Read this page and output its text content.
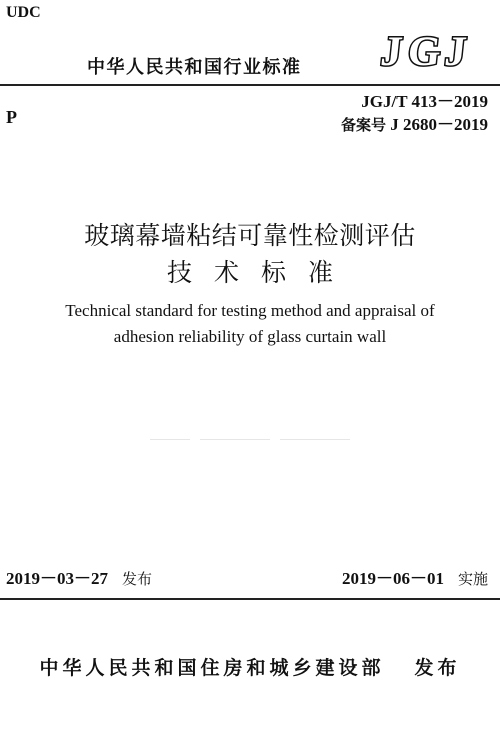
UDC
中华人民共和国行业标准 J G J
P
JGJ/T 413－2019
备案号 J 2680－2019
玻璃幕墙粘结可靠性检测评估
技术标准
Technical standard for testing method and appraisal of
adhesion reliability of glass curtain wall
2019－03－27 发布	2019－06－01 实施
中华人民共和国住房和城乡建设部 发布
